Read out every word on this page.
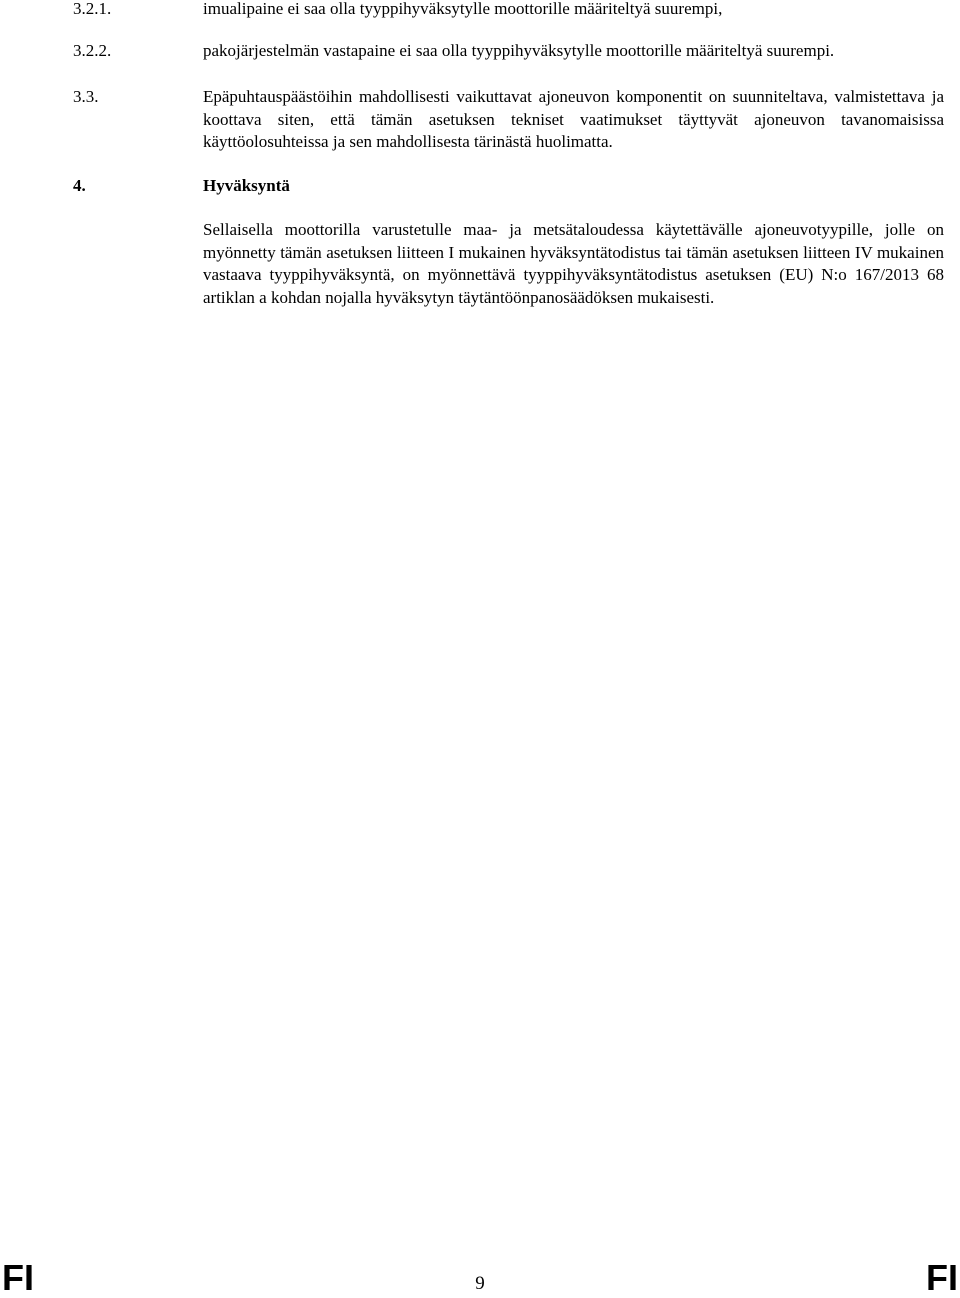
3.2.1.	imualipaine ei saa olla tyyppihyväksytylle moottorille määriteltyä suurempi,
3.2.2.	pakojärjestelmän vastapaine ei saa olla tyyppihyväksytylle moottorille määriteltyä suurempi.
3.3.	Epäpuhtauspäästöihin mahdollisesti vaikuttavat ajoneuvon komponentit on suunniteltava, valmistettava ja koottava siten, että tämän asetuksen tekniset vaatimukset täyttyvät ajoneuvon tavanomaisissa käyttöolosuhteissa ja sen mahdollisesta tärinästä huolimatta.
4.	Hyväksyntä
Sellaisella moottorilla varustetulle maa- ja metsätaloudessa käytettävälle ajoneuvotyypille, jolle on myönnetty tämän asetuksen liitteen I mukainen hyväksyntätodistus tai tämän asetuksen liitteen IV mukainen vastaava tyyppihyväksyntä, on myönnettävä tyyppihyväksyntätodistus asetuksen (EU) N:o 167/2013 68 artiklan a kohdan nojalla hyväksytyn täytäntöönpanosäädöksen mukaisesti.
FI	9	FI
